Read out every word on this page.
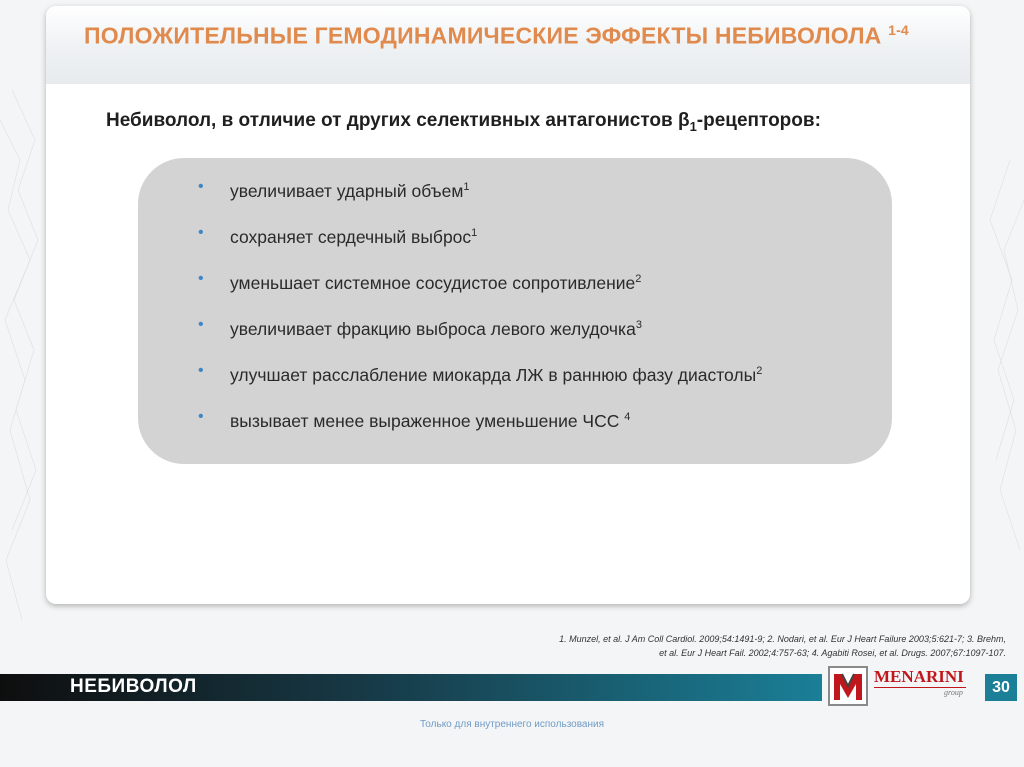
ПОЛОЖИТЕЛЬНЫЕ ГЕМОДИНАМИЧЕСКИЕ ЭФФЕКТЫ НЕБИВОЛОЛА $^{1-4}$

Небиволол, в отличие от других селективных антагонистов $\beta_1$-рецепторов:

• увеличивает ударный объем$^1$
• сохраняет сердечный выброс$^1$
• уменьшает системное сосудистое сопротивление$^2$
• увеличивает фракцию выброса левого желудочка$^3$
• улучшает расслабление миокарда ЛЖ в раннюю фазу диастолы$^2$
• вызывает менее выраженное уменьшение ЧСС $^4$
1. Munzel, et al. J Am Coll Cardiol. 2009;54:1491-9; 2. Nodari, et al. Eur J Heart Failure 2003;5:621-7; 3. Brehm,
et al. Eur J Heart Fail. 2002;4:757-63; 4. Agabiti Rosei, et al. Drugs. 2007;67:1097-107.
НЕБИВОЛОЛ	MENARINI
group	30
Только для внутреннего использования
